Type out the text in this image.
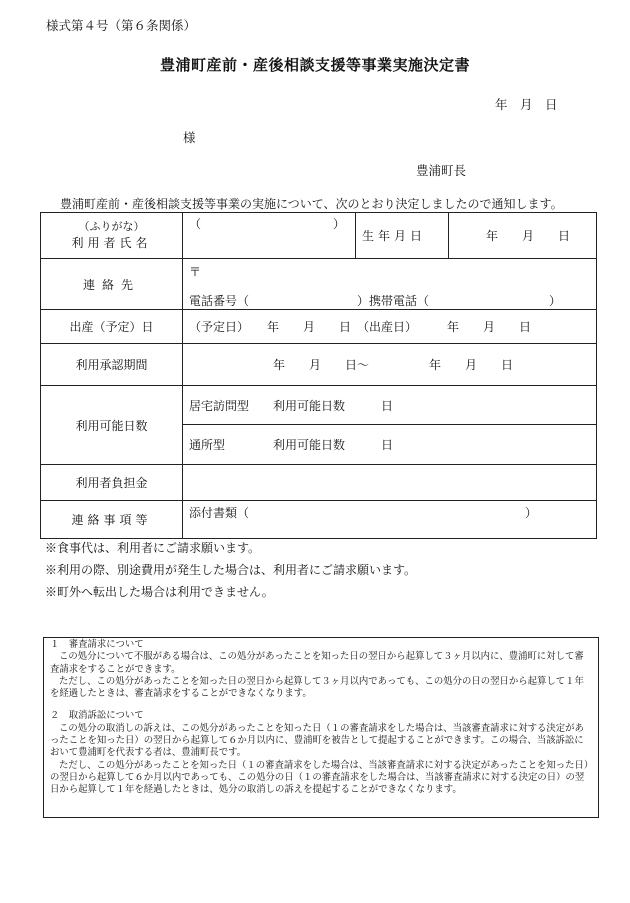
様式第４号（第６条関係）
豊浦町産前・産後相談支援等事業実施決定書
年　月　日
様
豊浦町長
豊浦町産前・産後相談支援等事業の実施について、次のとおり決定しましたので通知します。
（ふりがな）
利用者氏名	（　　　　　　　　　　　）	生年月日	年　　月　　日
連絡先	〒
電話番号（　　　　　　　　　）携帯電話（　　　　　　　　　　）		

出産（予定）日	（予定日）　　年　　月　　日　（出産日）　　　年　　月　　日		
利用承認期間	年　　月　　日～　　　　　年　　月　　日		
利用可能日数	居宅訪問型　　利用可能日数　　　日		
	通所型　　　　利用可能日数　　　日		
利用者負担金			
連絡事項等	添付書類（　　　　　　　　　　　　　　　　　　　　　　　）		
※食事代は、利用者にご請求願います。
※利用の際、別途費用が発生した場合は、利用者にご請求願います。
※町外へ転出した場合は利用できません。

１　審査請求について

この処分について不服がある場合は、この処分があったことを知った日の翌日から起算して３ヶ月以内に、豊浦町に対して審査請求をすることができます。

ただし、この処分があったことを知った日の翌日から起算して３ヶ月以内であっても、この処分の日の翌日から起算して１年を経過したときは、審査請求をすることができなくなります。

２　取消訴訟について

この処分の取消しの訴えは、この処分があったことを知った日（１の審査請求をした場合は、当該審査請求に対する決定があったことを知った日）の翌日から起算して６か月以内に、豊浦町を被告として提起することができます。この場合、当該訴訟において豊浦町を代表する者は、豊浦町長です。

ただし、この処分があったことを知った日（１の審査請求をした場合は、当該審査請求に対する決定があったことを知った日）の翌日から起算して６か月以内であっても、この処分の日（１の審査請求をした場合は、当該審査請求に対する決定の日）の翌日から起算して１年を経過したときは、処分の取消しの訴えを提起することができなくなります。
